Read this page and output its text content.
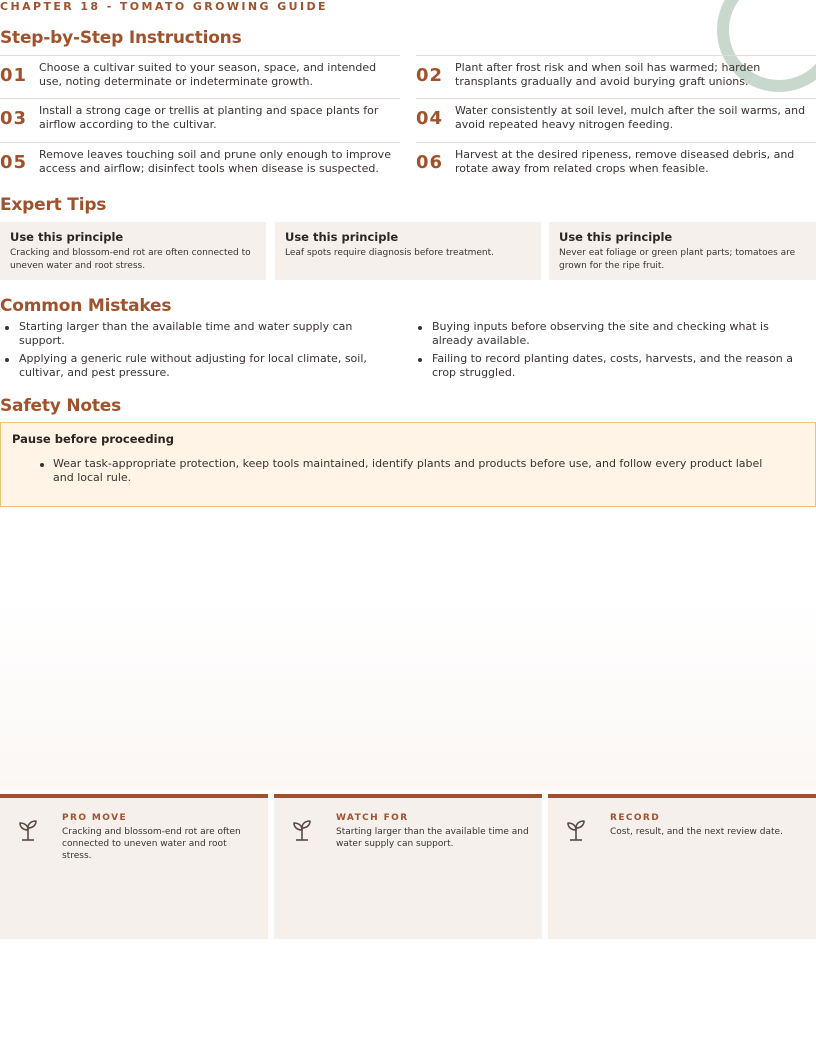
CHAPTER 18 - TOMATO GROWING GUIDE

Step-by-Step Instructions
01 Choose a cultivar suited to your season, space, and intended use, noting determinate or indeterminate growth.	02 Plant after frost risk and when soil has warmed; harden transplants gradually and avoid burying graft unions.
03 Install a strong cage or trellis at planting and space plants for airflow according to the cultivar.	04 Water consistently at soil level, mulch after the soil warms, and avoid repeated heavy nitrogen feeding.
05 Remove leaves touching soil and prune only enough to improve access and airflow; disinfect tools when disease is suspected.	06 Harvest at the desired ripeness, remove diseased debris, and rotate away from related crops when feasible.
Expert Tips

Use this principle

Cracking and blossom-end rot are often connected to uneven water and root stress.

Use this principle

Leaf spots require diagnosis before treatment.

Use this principle

Never eat foliage or green plant parts; tomatoes are grown for the ripe fruit.

Common Mistakes
Starting larger than the available time and water supply can support.
Applying a generic rule without adjusting for local climate, soil, cultivar, and pest pressure.
Buying inputs before observing the site and checking what is already available.
Failing to record planting dates, costs, harvests, and the reason a crop struggled.
Safety Notes

Pause before proceeding

Wear task-appropriate protection, keep tools maintained, identify plants and products before use, and follow every product label and local rule.

PRO MOVE

Cracking and blossom-end rot are often connected to uneven water and root stress.

WATCH FOR

Starting larger than the available time and water supply can support.

RECORD

Cost, result, and the next review date.
